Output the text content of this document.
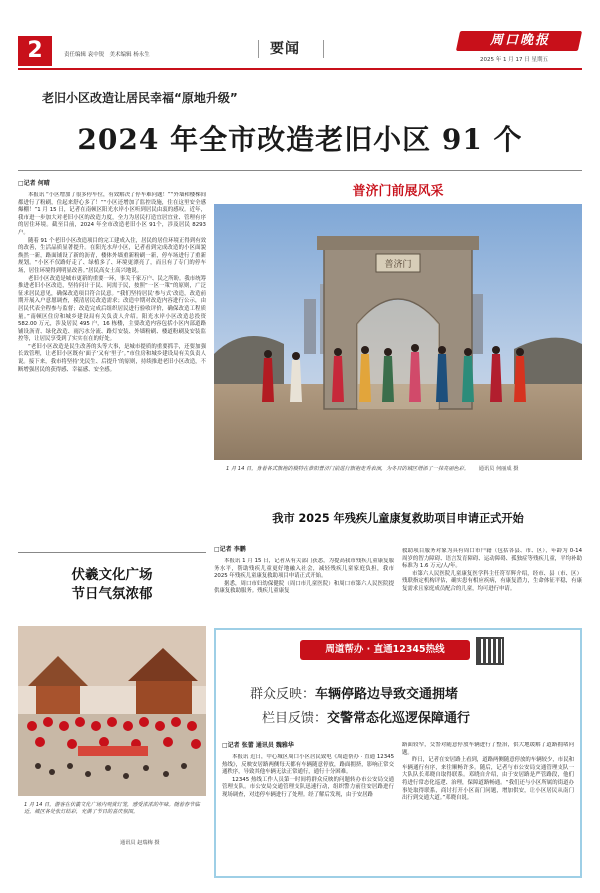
2	责任编辑 袁中锐 美术编辑 杨永生	要闻
周口晚报
2025 年 1 月 17 日 星期五
老旧小区改造让居民幸福“原地升级”
2024 年全市改造老旧小区 91 个
□记者 何晴

本报讯 “小区增加了很多停车位，有效解决了停车难问题！”“外墙和楼梯间都进行了粉刷，住起来舒心多了！”“小区还增加了监控设施，住在这里安全感爆棚！”1 月 15 日，记者在南顿区阳光水岸小区听到居民由衷的感叹。近年，我市进一步加大对老旧小区的改造力度，全力为居民打造宜居宜业、管理有序的居住环境。截至目前，2024 年全市改造老旧小区 91个，涉及居民 8293 户。

随着 91 个老旧小区改造项目的完工建成入住，居民的居住环境正得到有效的改善，生活品质显著提升。在阳光水岸小区，记者看到完成改造的小区面貌焕然一新，路面铺设了新的沥青，楼体外墙重新粉刷一新，停车场进行了重新规划。“小区不仅路好走了、绿植多了、环境更漂亮了，而且有了专门的停车场，居住环境得到明显改善。”居民高女士高兴地说。

老旧小区改造是城市更新的重要一环，事关千家万户、民之所盼。我市统筹推进老旧小区改造，坚持问计于民、问需于民，按照“一区一策”的原则，广泛征求居民意见，确保改造项目符合民意。“我们坚持居民‘参与式’改造，改造前期开展入户意愿调查，摸清居民改造需求；改造中期对改造内容进行公示，由居民代表全程参与监督；改造完成后组织居民进行验收评价，确保改造工程质量。”南顿区住房和城乡建设局有关负责人介绍。阳光水岸小区改造总投资 582.00 万元，涉及居民 495 户，16 栋楼，主要改造内容包括小区内部道路铺设沥青、绿化改造、雨污水分流、路灯安装、外墙粉刷、楼道粉刷及安装监控等，让居民享受到了实实在在的好处。

“老旧小区改造是民生改善的头等大事，是城市提质的重要抓手，还要加强长效管理，让老旧小区既有‘面子’又有‘里子’。”市住房和城乡建设局有关负责人说。接下来，我市将坚持‘先民生、后提升’的原则，持续推进老旧小区改造，不断增强居民的获得感、幸福感、安全感。

普济门前展风采
普济门
1 月 14 日，身着各式旗袍的模特在淮阳普济门前进行旗袍走秀表演，为冬日的城区增添了一抹亮丽色彩。 通讯员 何丽成 摄
我市 2025 年残疾儿童康复救助项目申请正式开始
□记者 李鹏

本报讯 1 月 15 日，记者从有关部门获悉，为提高我市残疾儿童康复服务水平，帮助残疾儿童更好地融入社会，减轻残疾儿童家庭负担，我市 2025 年残疾儿童康复救助项目申请正式开始。

据悉，周口市妇幼保健院（周口市儿童医院）和周口市第六人民医院提供康复救助服务。残疾儿童康复

救助项目服务对象为具有周口市户籍（包括各县、市、区），年龄为 0-14 周岁的智力障碍、语言发育障碍、运动障碍、孤独症等残疾儿童，平均补助标准为 1.6 万元/人/年。

市第六人民医院儿童康复医学科主任符军辉介绍，经市、县（市、区）残联指定机构评估，确实患有相应疾病，有康复潜力，生命体征平稳，有康复需求且家庭成员配合的儿童，均可进行申请。

伏羲文化广场
节日气氛浓郁
1 月 14 日，游客在伏羲文化广场内观赏灯笼，感受浓浓的年味。随着春节临近，城区各处张灯结彩，充满了节日的喜庆氛围。
通讯员 赵瑞梅 摄
周道帮办 · 直通12345热线
群众反映：车辆停路边导致交通拥堵
栏目反馈：交警常态化巡逻保障通行
□记者 张蕾 通讯员 魏雅华

本报讯 近日，中心城区周口小区居民致电《周道帮办 · 直通 12345 热线》，反映安居路两侧每天都有车辆随意停放，路面拥挤，影响正常交通秩序，导致其他车辆无法正常通行，通行十分困难。

12345 热线工作人员第一时间将群众反映的问题转办市公安局交通管理支队。市公安局交通管理支队迅速行动，组织警力前往安居路进行现场调查，对违停车辆进行了处理。经了解后发现，由于安居路

路面较窄，交警对随意停放车辆进行了整治，供大地缓解了道路拥堵问题。

昨日，记者在安居路上看到，道路两侧随意停放的车辆较少，市民和车辆通行有序，来往顺畅许多。随后，记者与市公安局交通管理支队一大队队长邓晓自取得联系。邓晓自介绍，由于安居路是严管路段，他们将进行常态化巡逻、治理，保障道路畅通。“我们还与小区所属的街道办事处取得联系，商讨打开小区南门问题，增加供安，让小区居民从南门出行到交通大道。”邓晓自说。
